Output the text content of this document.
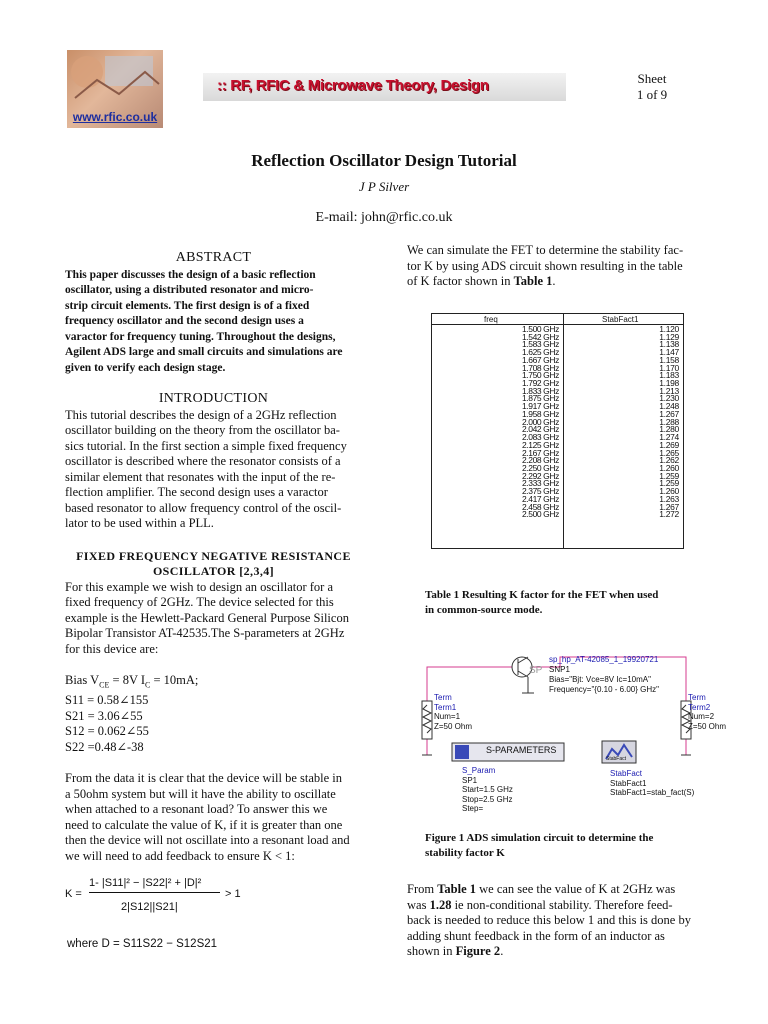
www.rfic.co.uk
:: RF, RFIC & Microwave Theory, Design	Sheet
1 of 9
Reflection Oscillator Design Tutorial
J P Silver
E-mail: john@rfic.co.uk
ABSTRACT
This paper discusses the design of a basic reflection
oscillator, using a distributed resonator and micro-
strip circuit elements. The first design is of a fixed
frequency oscillator and the second design uses a
varactor for frequency tuning. Throughout the designs,
Agilent ADS large and small circuits and simulations are
given to verify each design stage.
INTRODUCTION
This tutorial describes the design of a 2GHz reflection
oscillator building on the theory from the oscillator ba-
sics tutorial. In the first section a simple fixed frequency
oscillator is described where the resonator consists of a
similar element that resonates with the input of the re-
flection amplifier. The second design uses a varactor
based resonator to allow frequency control of the oscil-
lator to be used within a PLL.
FIXED FREQUENCY NEGATIVE RESISTANCE
OSCILLATOR [2,3,4]
For this example we wish to design an oscillator for a
fixed frequency of 2GHz. The device selected for this
example is the Hewlett-Packard General Purpose Silicon
Bipolar Transistor AT-42535.The S-parameters at 2GHz
for this device are:
Bias $V_{CE} = 8V$ $I_C = 10mA$;
S11 = 0.58∠155
S21 = 3.06∠55
S12 = 0.062∠55
S22 =0.48∠-38
From the data it is clear that the device will be stable in
a 50ohm system but will it have the ability to oscillate
when attached to a resonant load? To answer this we
need to calculate the value of K, if it is greater than one
then the device will not oscillate into a resonant load and
we will need to add feedback to ensure K < 1:
K =
1- |S11|² − |S22|² + |D|²
2|S12||S21|
> 1
where D = S11S22 − S12S21
We can simulate the FET to determine the stability fac-
tor K by using ADS circuit shown resulting in the table
of K factor shown in Table 1.
freq	StabFact1
1.500 GHz	1.120
1.542 GHz	1.129
1.583 GHz	1.138
1.625 GHz	1.147
1.667 GHz	1.158
1.708 GHz	1.170
1.750 GHz	1.183
1.792 GHz	1.198
1.833 GHz	1.213
1.875 GHz	1.230
1.917 GHz	1.248
1.958 GHz	1.267
2.000 GHz	1.288
2.042 GHz	1.280
2.083 GHz	1.274
2.125 GHz	1.269
2.167 GHz	1.265
2.208 GHz	1.262
2.250 GHz	1.260
2.292 GHz	1.259
2.333 GHz	1.259
2.375 GHz	1.260
2.417 GHz	1.263
2.458 GHz	1.267
2.500 GHz	1.272
Table 1 Resulting K factor for the FET when used
in common-source mode.
sp_hp_AT-42085_1_19920721
SNP1
Bias="Bjt: Vce=8V Ic=10mA"
Frequency="{0.10 - 6.00} GHz"
SP
Term
Term1
Num=1
Z=50 Ohm
Term
Term2
Num=2
Z=50 Ohm
S-PARAMETERS
S_Param
SP1
Start=1.5 GHz
Stop=2.5 GHz
Step=
StabFact
StabFact
StabFact1
StabFact1=stab_fact(S)
Figure 1 ADS simulation circuit to determine the
stability factor K
From Table 1 we can see the value of K at 2GHz was
was 1.28 ie non-conditional stability. Therefore feed-
back is needed to reduce this below 1 and this is done by
adding shunt feedback in the form of an inductor as
shown in Figure 2.
